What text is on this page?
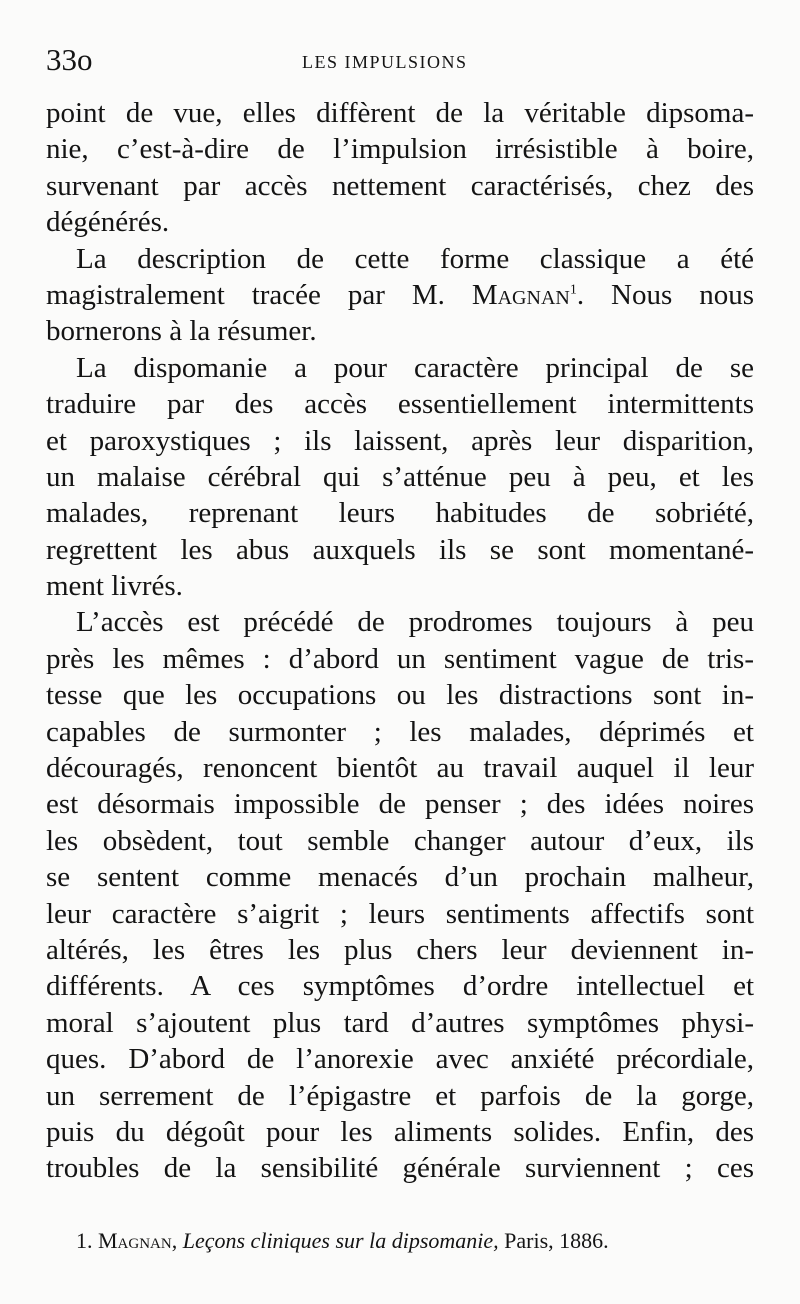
33o	LES IMPULSIONS
point de vue, elles diffèrent de la véritable dipsoma-
nie, c’est-à-dire de l’impulsion irrésistible à boire,
survenant par accès nettement caractérisés, chez des
dégénérés.
La description de cette forme classique a été
magistralement tracée par M. Magnan$^1$. Nous nous
bornerons à la résumer.
La dispomanie a pour caractère principal de se
traduire par des accès essentiellement intermittents
et paroxystiques ; ils laissent, après leur disparition,
un malaise cérébral qui s’atténue peu à peu, et les
malades, reprenant leurs habitudes de sobriété,
regrettent les abus auxquels ils se sont momentané-
ment livrés.
L’accès est précédé de prodromes toujours à peu
près les mêmes : d’abord un sentiment vague de tris-
tesse que les occupations ou les distractions sont in-
capables de surmonter ; les malades, déprimés et
découragés, renoncent bientôt au travail auquel il leur
est désormais impossible de penser ; des idées noires
les obsèdent, tout semble changer autour d’eux, ils
se sentent comme menacés d’un prochain malheur,
leur caractère s’aigrit ; leurs sentiments affectifs sont
altérés, les êtres les plus chers leur deviennent in-
différents. A ces symptômes d’ordre intellectuel et
moral s’ajoutent plus tard d’autres symptômes physi-
ques. D’abord de l’anorexie avec anxiété précordiale,
un serrement de l’épigastre et parfois de la gorge,
puis du dégoût pour les aliments solides. Enfin, des
troubles de la sensibilité générale surviennent ; ces
1. Magnan, Leçons cliniques sur la dipsomanie, Paris, 1886.
